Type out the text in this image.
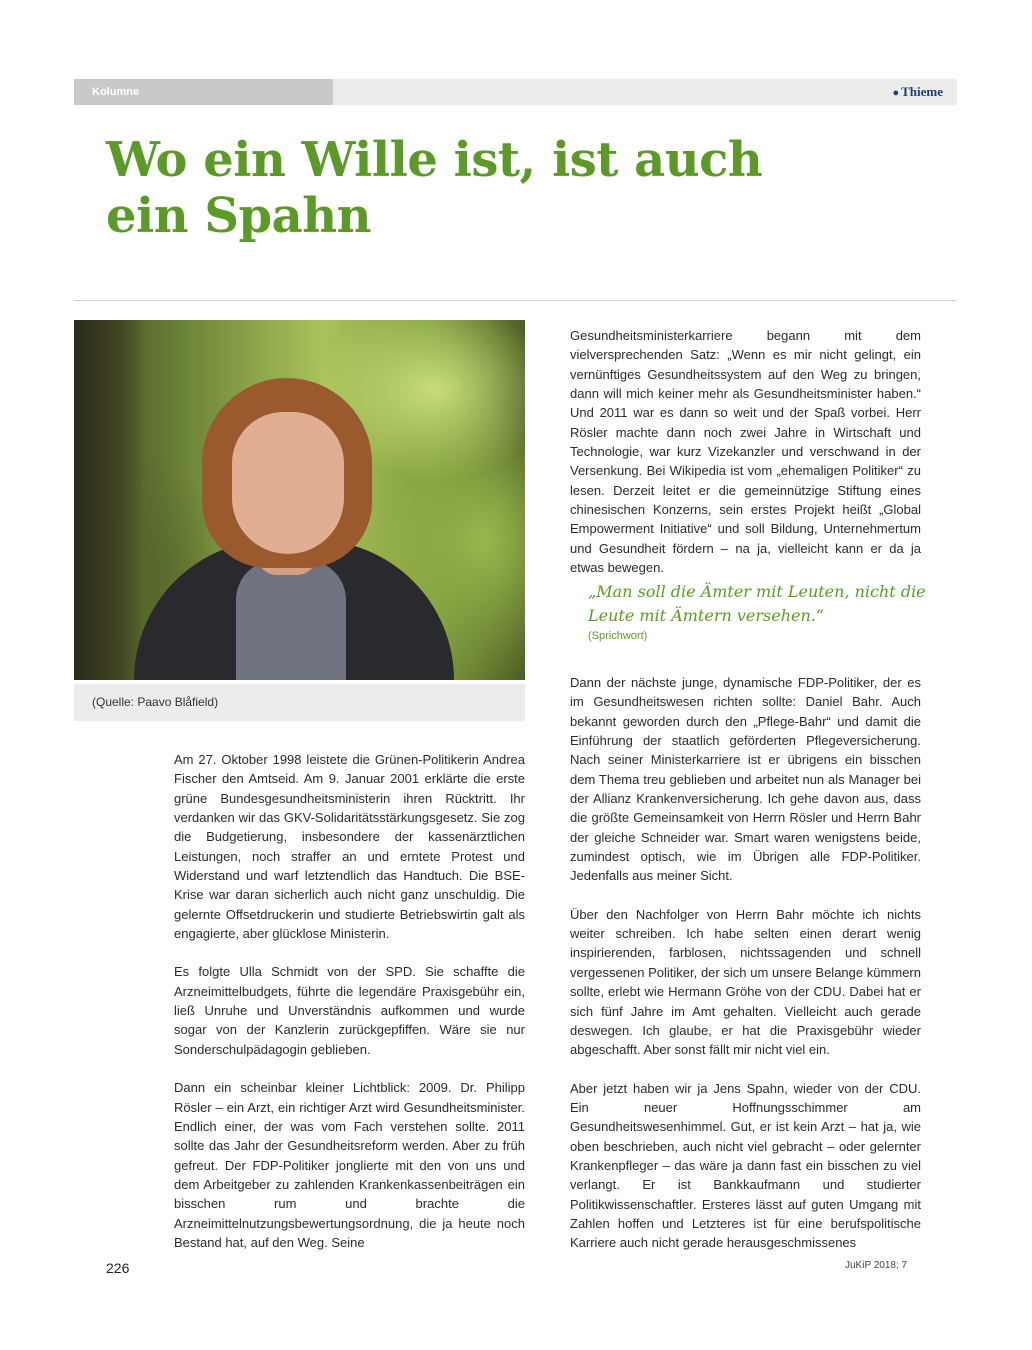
Kolumne	● Thieme
Wo ein Wille ist, ist auch
ein Spahn
(Quelle: Paavo Blåfield)

Am 27. Oktober 1998 leistete die Grünen-Politikerin Andrea Fischer den Amtseid. Am 9. Januar 2001 erklärte die erste grüne Bundesgesundheitsministerin ihren Rücktritt. Ihr verdanken wir das GKV-Solidaritätsstärkungsgesetz. Sie zog die Budgetierung, insbesondere der kassenärztlichen Leistungen, noch straffer an und erntete Protest und Widerstand und warf letztendlich das Handtuch. Die BSE-Krise war daran sicherlich auch nicht ganz unschuldig. Die gelernte Offsetdruckerin und studierte Betriebswirtin galt als engagierte, aber glücklose Ministerin.

Es folgte Ulla Schmidt von der SPD. Sie schaffte die Arzneimittelbudgets, führte die legendäre Praxisgebühr ein, ließ Unruhe und Unverständnis aufkommen und wurde sogar von der Kanzlerin zurückgepfiffen. Wäre sie nur Sonderschulpädagogin geblieben.

Dann ein scheinbar kleiner Lichtblick: 2009. Dr. Philipp Rösler – ein Arzt, ein richtiger Arzt wird Gesundheitsminister. Endlich einer, der was vom Fach verstehen sollte. 2011 sollte das Jahr der Gesundheitsreform werden. Aber zu früh gefreut. Der FDP-Politiker jonglierte mit den von uns und dem Arbeitgeber zu zahlenden Krankenkassenbeiträgen ein bisschen rum und brachte die Arzneimittelnutzungsbewertungsordnung, die ja heute noch Bestand hat, auf den Weg. Seine

Gesundheitsministerkarriere begann mit dem vielversprechenden Satz: „Wenn es mir nicht gelingt, ein vernünftiges Gesundheitssystem auf den Weg zu bringen, dann will mich keiner mehr als Gesundheitsminister haben.“ Und 2011 war es dann so weit und der Spaß vorbei. Herr Rösler machte dann noch zwei Jahre in Wirtschaft und Technologie, war kurz Vizekanzler und verschwand in der Versenkung. Bei Wikipedia ist vom „ehemaligen Politiker“ zu lesen. Derzeit leitet er die gemeinnützige Stiftung eines chinesischen Konzerns, sein erstes Projekt heißt „Global Empowerment Initiative“ und soll Bildung, Unternehmertum und Gesundheit fördern – na ja, vielleicht kann er da ja etwas bewegen.

„Man soll die Ämter mit Leuten, nicht die Leute mit Ämtern versehen.“

(Sprichwort)

Dann der nächste junge, dynamische FDP-Politiker, der es im Gesundheitswesen richten sollte: Daniel Bahr. Auch bekannt geworden durch den „Pflege-Bahr“ und damit die Einführung der staatlich geförderten Pflegeversicherung. Nach seiner Ministerkarriere ist er übrigens ein bisschen dem Thema treu geblieben und arbeitet nun als Manager bei der Allianz Krankenversicherung. Ich gehe davon aus, dass die größte Gemeinsamkeit von Herrn Rösler und Herrn Bahr der gleiche Schneider war. Smart waren wenigstens beide, zumindest optisch, wie im Übrigen alle FDP-Politiker. Jedenfalls aus meiner Sicht.

Über den Nachfolger von Herrn Bahr möchte ich nichts weiter schreiben. Ich habe selten einen derart wenig inspirierenden, farblosen, nichtssagenden und schnell vergessenen Politiker, der sich um unsere Belange kümmern sollte, erlebt wie Hermann Gröhe von der CDU. Dabei hat er sich fünf Jahre im Amt gehalten. Vielleicht auch gerade deswegen. Ich glaube, er hat die Praxisgebühr wieder abgeschafft. Aber sonst fällt mir nicht viel ein.

Aber jetzt haben wir ja Jens Spahn, wieder von der CDU. Ein neuer Hoffnungsschimmer am Gesundheitswesenhimmel. Gut, er ist kein Arzt – hat ja, wie oben beschrieben, auch nicht viel gebracht – oder gelernter Krankenpfleger – das wäre ja dann fast ein bisschen zu viel verlangt. Er ist Bankkaufmann und studierter Politikwissenschaftler. Ersteres lässt auf guten Umgang mit Zahlen hoffen und Letzteres ist für eine berufspolitische Karriere auch nicht gerade herausgeschmissenes

226	JuKiP 2018; 7
